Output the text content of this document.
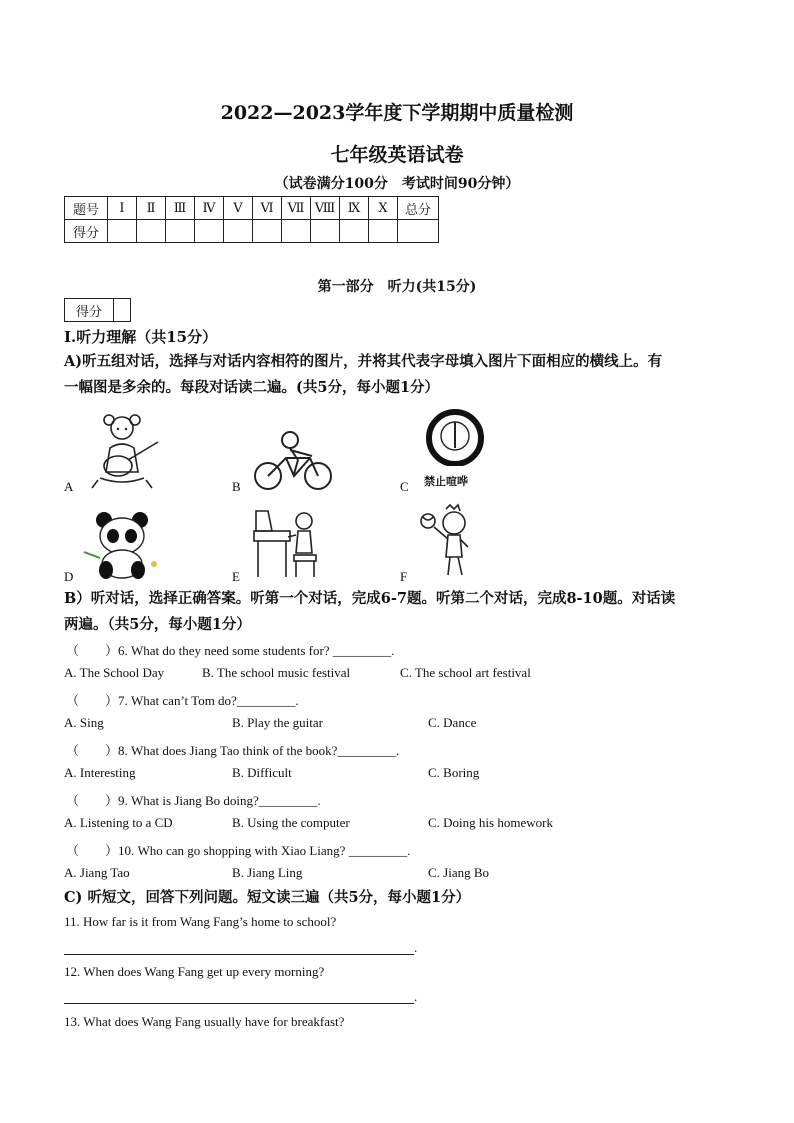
2022—2023学年度下学期期中质量检测
七年级英语试卷
（试卷满分100分　考试时间90分钟）
题号	Ⅰ	Ⅱ	Ⅲ	Ⅳ	Ⅴ	Ⅵ	Ⅶ	Ⅷ	Ⅸ	Ⅹ	总分
得分											
第一部分　听力(共15分)
得分	
Ⅰ.听力理解（共15分）
A)听五组对话，选择与对话内容相符的图片，并将其代表字母填入图片下面相应的横线上。有
一幅图是多余的。每段对话读二遍。(共5分，每小题1分）
A	B	C
D	E	F
禁止喧哗
B）听对话，选择正确答案。听第一个对话，完成6-7题。听第二个对话，完成8-10题。对话读
两遍。（共5分，每小题1分）
（　　）6. What do they need some students for? _________.
A. The School Day	B. The school music festival	C. The school art festival
（　　）7. What can’t Tom do?_________.
A. Sing	B. Play the guitar	C. Dance
（　　）8. What does Jiang Tao think of the book?_________.
A. Interesting	B. Difficult	C. Boring
（　　）9. What is Jiang Bo doing?_________.
A. Listening to a CD	B. Using the computer	C. Doing his homework
（　　）10. Who can go shopping with Xiao Liang? _________.
A. Jiang Tao	B. Jiang Ling	C. Jiang Bo
C) 听短文，回答下列问题。短文读三遍（共5分，每小题1分）
11. How far is it from Wang Fang’s home to school?
.
12. When does Wang Fang get up every morning?
.
13. What does Wang Fang usually have for breakfast?
